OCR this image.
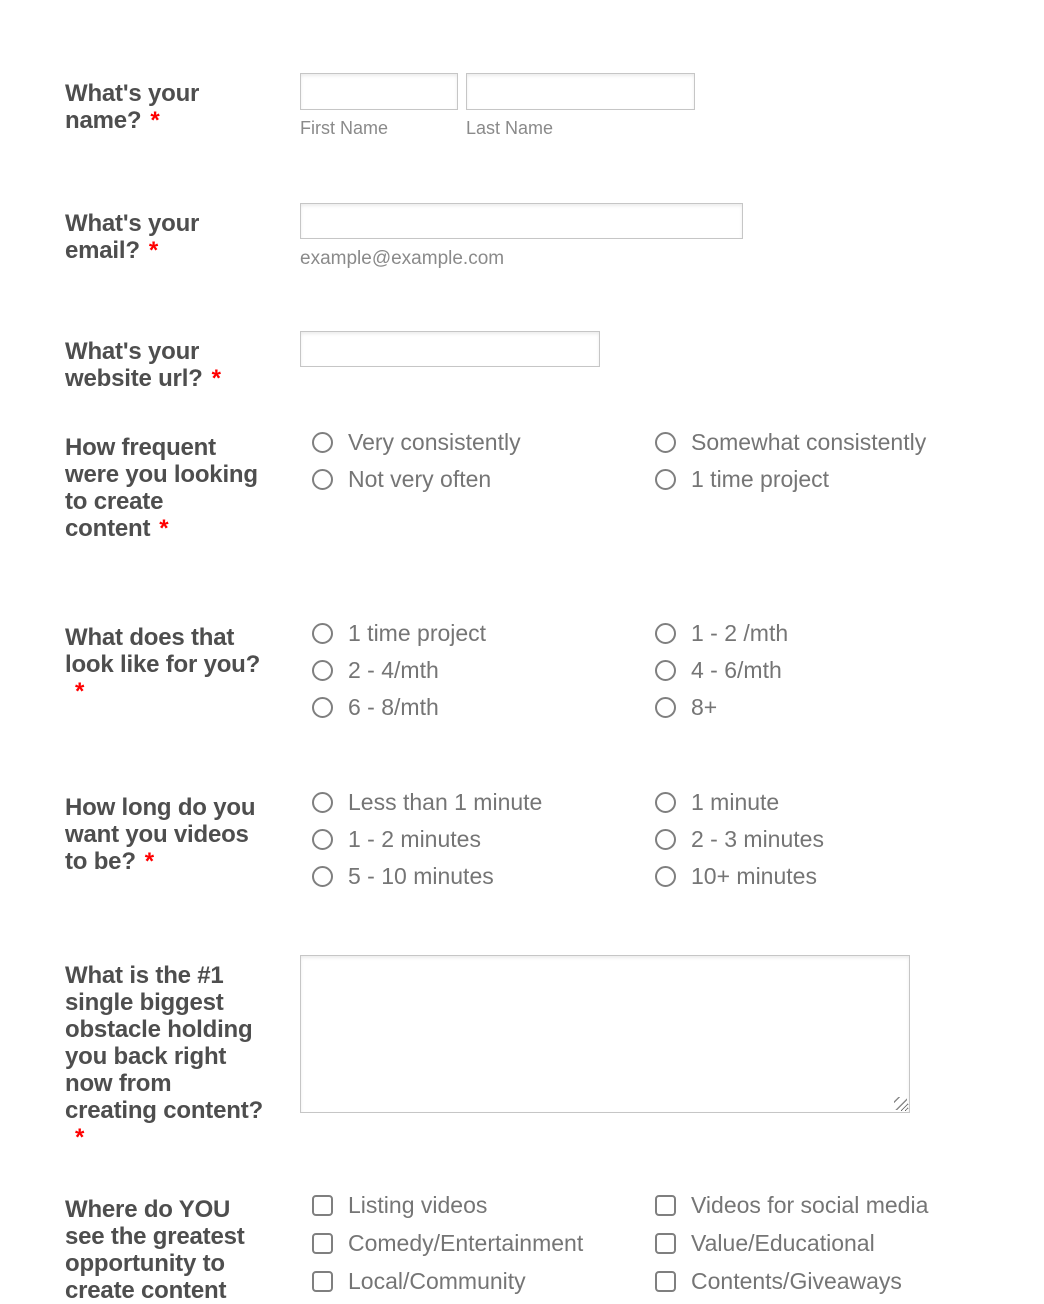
What's your
name? *	First Name	Last Name
What's your
email? *	example@example.com
What's your
website url? *
How frequent
were you looking
to create
content *
Very consistently	Somewhat consistently
Not very often	1 time project
What does that
look like for you?
*
1 time project	1 - 2 /mth
2 - 4/mth	4 - 6/mth
6 - 8/mth	8+
How long do you
want you videos
to be? *
Less than 1 minute	1 minute
1 - 2 minutes	2 - 3 minutes
5 - 10 minutes	10+ minutes
What is the #1
single biggest
obstacle holding
you back right
now from
creating content?
*
Where do YOU
see the greatest
opportunity to
create content
Listing videos	Videos for social media
Comedy/Entertainment	Value/Educational
Local/Community	Contents/Giveaways
